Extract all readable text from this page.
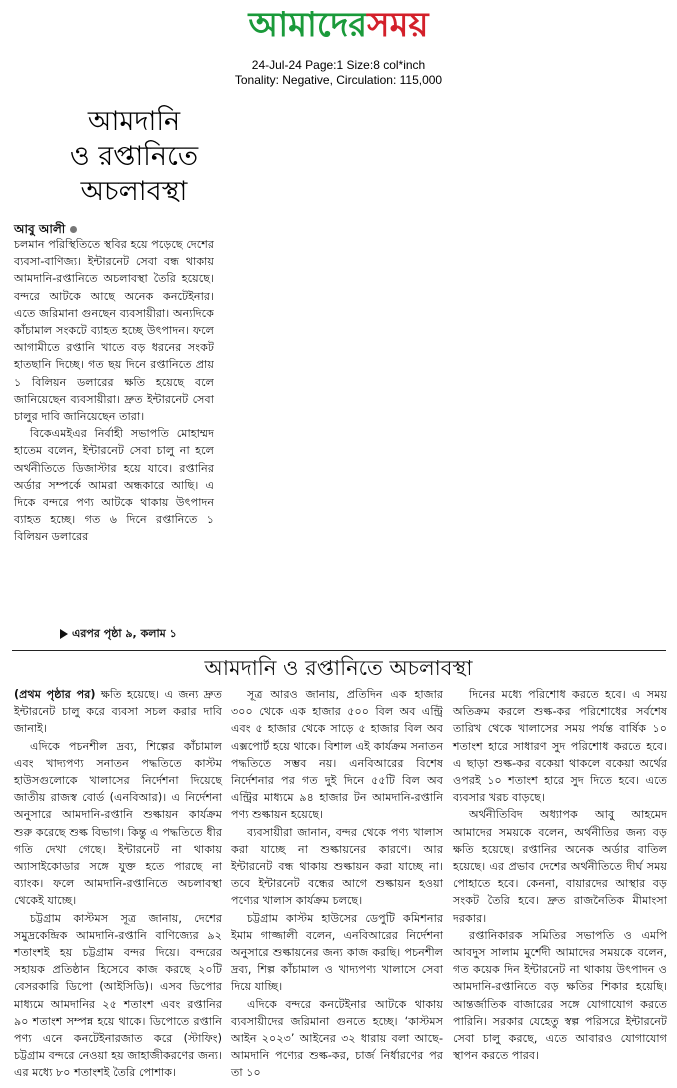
আমাদেরসময়
24-Jul-24 Page:1 Size:8 col*inch
Tonality: Negative, Circulation: 115,000
আমদানি
ও রপ্তানিতে
অচলাবস্থা
আবু আলী

চলমান পরিস্থিতিতে স্থবির হয়ে পড়েছে দেশের ব্যবসা-বাণিজ্য। ইন্টারনেট সেবা বন্ধ থাকায় আমদানি-রপ্তানিতে অচলাবস্থা তৈরি হয়েছে। বন্দরে আটকে আছে অনেক কনটেইনার। এতে জরিমানা গুনছেন ব্যবসায়ীরা। অন্যদিকে কাঁচামাল সংকটে ব্যাহত হচ্ছে উৎপাদন। ফলে আগামীতে রপ্তানি খাতে বড় ধরনের সংকট হাতছানি দিচ্ছে। গত ছয় দিনে রপ্তানিতে প্রায় ১ বিলিয়ন ডলারের ক্ষতি হয়েছে বলে জানিয়েছেন ব্যবসায়ীরা। দ্রুত ইন্টারনেট সেবা চালুর দাবি জানিয়েছেন তারা।

বিকেএমইএর নির্বাহী সভাপতি মোহাম্মদ হাতেম বলেন, ইন্টারনেট সেবা চালু না হলে অর্থনীতিতে ডিজাস্টার হয়ে যাবে। রপ্তানির অর্ডার সম্পর্কে আমরা অন্ধকারে আছি। এ দিকে বন্দরে পণ্য আটকে থাকায় উৎপাদন ব্যাহত হচ্ছে। গত ৬ দিনে রপ্তানিতে ১ বিলিয়ন ডলারের

এরপর পৃষ্ঠা ৯, কলাম ১
আমদানি ও রপ্তানিতে অচলাবস্থা

(প্রথম পৃষ্ঠার পর) ক্ষতি হয়েছে। এ জন্য দ্রুত ইন্টারনেট চালু করে ব্যবসা সচল করার দাবি জানাই।

এদিকে পচনশীল দ্রব্য, শিল্পের কাঁচামাল এবং খাদ্যপণ্য সনাতন পদ্ধতিতে কাস্টম হাউসগুলোকে খালাসের নির্দেশনা দিয়েছে জাতীয় রাজস্ব বোর্ড (এনবিআর)। এ নির্দেশনা অনুসারে আমদানি-রপ্তানি শুল্কায়ন কার্যক্রম শুরু করেছে শুল্ক বিভাগ। কিন্তু এ পদ্ধতিতে ধীর গতি দেখা গেছে। ইন্টারনেট না থাকায় অ্যাসাইকোডার সঙ্গে যুক্ত হতে পারছে না ব্যাংক। ফলে আমদানি-রপ্তানিতে অচলাবস্থা থেকেই যাচ্ছে।

চট্টগ্রাম কাস্টমস সূত্র জানায়, দেশের সমুদ্রকেন্দ্রিক আমদানি-রপ্তানি বাণিজ্যের ৯২ শতাংশই হয় চট্টগ্রাম বন্দর দিয়ে। বন্দরের সহায়ক প্রতিষ্ঠান হিসেবে কাজ করছে ২০টি বেসরকারি ডিপো (আইসিডি)। এসব ডিপোর মাধ্যমে আমদানির ২৫ শতাংশ এবং রপ্তানির ৯০ শতাংশ সম্পন্ন হয়ে থাকে। ডিপোতে রপ্তানি পণ্য এনে কনটেইনারজাত করে (স্টাফিং) চট্টগ্রাম বন্দরে নেওয়া হয় জাহাজীকরণের জন্য। এর মধ্যে ৮০ শতাংশই তৈরি পোশাক।

সূত্র আরও জানায়, প্রতিদিন এক হাজার ৩০০ থেকে এক হাজার ৫০০ বিল অব এন্ট্রি এবং ৫ হাজার থেকে সাড়ে ৫ হাজার বিল অব এক্সপোর্ট হয়ে থাকে। বিশাল এই কার্যক্রম সনাতন পদ্ধতিতে সম্ভব নয়। এনবিআরের বিশেষ নির্দেশনার পর গত দুই দিনে ৫৫টি বিল অব এন্ট্রির মাধ্যমে ৯৪ হাজার টন আমদানি-রপ্তানি পণ্য শুল্কায়ন হয়েছে।

ব্যবসায়ীরা জানান, বন্দর থেকে পণ্য খালাস করা যাচ্ছে না শুল্কায়নের কারণে। আর ইন্টারনেট বন্ধ থাকায় শুল্কায়ন করা যাচ্ছে না। তবে ইন্টারনেট বন্ধের আগে শুল্কায়ন হওয়া পণ্যের খালাস কার্যক্রম চলছে।

চট্টগ্রাম কাস্টম হাউসের ডেপুটি কমিশনার ইমাম গাজ্জালী বলেন, এনবিআরের নির্দেশনা অনুসারে শুল্কায়নের জন্য কাজ করছি। পচনশীল দ্রব্য, শিল্প কাঁচামাল ও খাদ্যপণ্য খালাসে সেবা দিয়ে যাচ্ছি।

এদিকে বন্দরে কনটেইনার আটকে থাকায় ব্যবসায়ীদের জরিমানা গুনতে হচ্ছে। ‘কাস্টমস আইন ২০২৩’ আইনের ৩২ ধারায় বলা আছে- আমদানি পণ্যের শুল্ক-কর, চার্জ নির্ধারণের পর তা ১০

দিনের মধ্যে পরিশোধ করতে হবে। এ সময় অতিক্রম করলে শুল্ক-কর পরিশোধের সর্বশেষ তারিখ থেকে খালাসের সময় পর্যন্ত বার্ষিক ১০ শতাংশ হারে সাধারণ সুদ পরিশোধ করতে হবে। এ ছাড়া শুল্ক-কর বকেয়া থাকলে বকেয়া অর্থের ওপরই ১০ শতাংশ হারে সুদ দিতে হবে। এতে ব্যবসার খরচ বাড়ছে।

অর্থনীতিবিদ অধ্যাপক আবু আহমেদ আমাদের সময়কে বলেন, অর্থনীতির জন্য বড় ক্ষতি হয়েছে। রপ্তানির অনেক অর্ডার বাতিল হয়েছে। এর প্রভাব দেশের অর্থনীতিতে দীর্ঘ সময় পোহাতে হবে। কেননা, বায়ারদের আস্থার বড় সংকট তৈরি হবে। দ্রুত রাজনৈতিক মীমাংসা দরকার।

রপ্তানিকারক সমিতির সভাপতি ও এমপি আবদুস সালাম মুর্শেদী আমাদের সময়কে বলেন, গত কয়েক দিন ইন্টারনেট না থাকায় উৎপাদন ও আমদানি-রপ্তানিতে বড় ক্ষতির শিকার হয়েছি। আন্তর্জাতিক বাজারের সঙ্গে যোগাযোগ করতে পারিনি। সরকার যেহেতু স্বল্প পরিসরে ইন্টারনেট সেবা চালু করছে, এতে আবারও যোগাযোগ স্থাপন করতে পারব।
